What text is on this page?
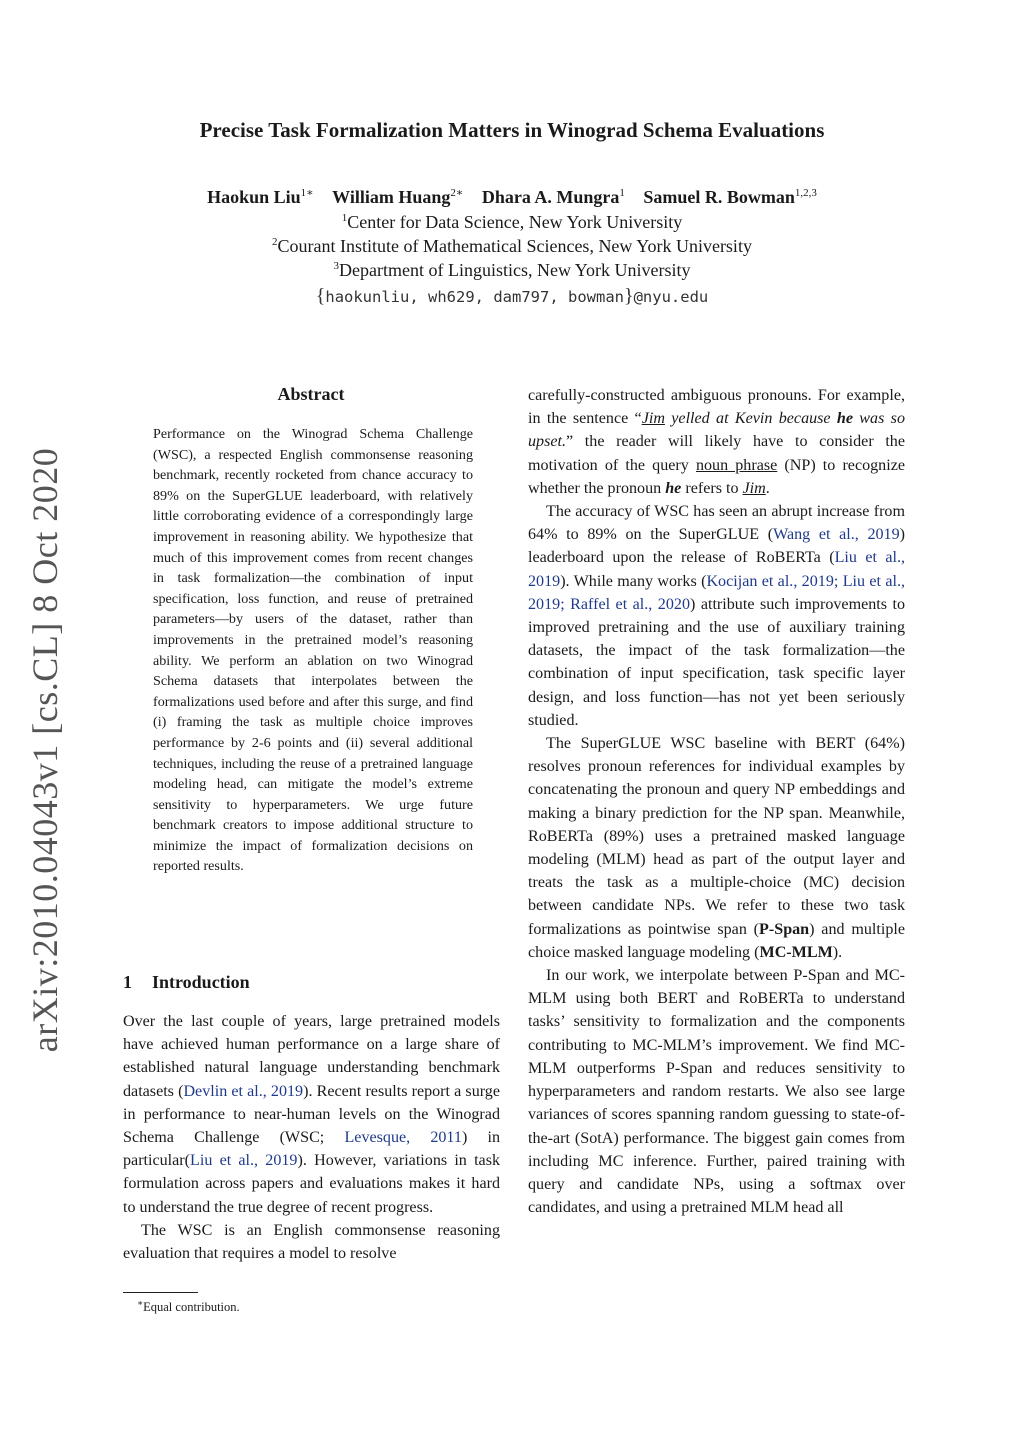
arXiv:2010.04043v1 [cs.CL] 8 Oct 2020
Precise Task Formalization Matters in Winograd Schema Evaluations
Haokun Liu$^{1∗}$ William Huang$^{2∗}$ Dhara A. Mungra$^1$ Samuel R. Bowman$^{1,2,3}$
$^1$Center for Data Science, New York University
$^2$Courant Institute of Mathematical Sciences, New York University
$^3$Department of Linguistics, New York University
{haokunliu, wh629, dam797, bowman}@nyu.edu
Abstract
Performance on the Winograd Schema Challenge (WSC), a respected English commonsense reasoning benchmark, recently rocketed from chance accuracy to 89% on the SuperGLUE leaderboard, with relatively little corroborating evidence of a correspondingly large improvement in reasoning ability. We hypothesize that much of this improvement comes from recent changes in task formalization—the combination of input specification, loss function, and reuse of pretrained parameters—by users of the dataset, rather than improvements in the pretrained model’s reasoning ability. We perform an ablation on two Winograd Schema datasets that interpolates between the formalizations used before and after this surge, and find (i) framing the task as multiple choice improves performance by 2-6 points and (ii) several additional techniques, including the reuse of a pretrained language modeling head, can mitigate the model’s extreme sensitivity to hyperparameters. We urge future benchmark creators to impose additional structure to minimize the impact of formalization decisions on reported results.
1 Introduction

Over the last couple of years, large pretrained models have achieved human performance on a large share of established natural language understanding benchmark datasets (Devlin et al., 2019). Recent results report a surge in performance to near-human levels on the Winograd Schema Challenge (WSC; Levesque, 2011) in particular(Liu et al., 2019). However, variations in task formulation across papers and evaluations makes it hard to understand the true degree of recent progress.

The WSC is an English commonsense reasoning evaluation that requires a model to resolve

∗Equal contribution.

carefully-constructed ambiguous pronouns. For example, in the sentence “Jim yelled at Kevin because he was so upset.” the reader will likely have to consider the motivation of the query noun phrase (NP) to recognize whether the pronoun he refers to Jim.

The accuracy of WSC has seen an abrupt increase from 64% to 89% on the SuperGLUE (Wang et al., 2019) leaderboard upon the release of RoBERTa (Liu et al., 2019). While many works (Kocijan et al., 2019; Liu et al., 2019; Raffel et al., 2020) attribute such improvements to improved pretraining and the use of auxiliary training datasets, the impact of the task formalization—the combination of input specification, task specific layer design, and loss function—has not yet been seriously studied.

The SuperGLUE WSC baseline with BERT (64%) resolves pronoun references for individual examples by concatenating the pronoun and query NP embeddings and making a binary prediction for the NP span. Meanwhile, RoBERTa (89%) uses a pretrained masked language modeling (MLM) head as part of the output layer and treats the task as a multiple-choice (MC) decision between candidate NPs. We refer to these two task formalizations as pointwise span (P-Span) and multiple choice masked language modeling (MC-MLM).

In our work, we interpolate between P-Span and MC-MLM using both BERT and RoBERTa to understand tasks’ sensitivity to formalization and the components contributing to MC-MLM’s improvement. We find MC-MLM outperforms P-Span and reduces sensitivity to hyperparameters and random restarts. We also see large variances of scores spanning random guessing to state-of-the-art (SotA) performance. The biggest gain comes from including MC inference. Further, paired training with query and candidate NPs, using a softmax over candidates, and using a pretrained MLM head all
